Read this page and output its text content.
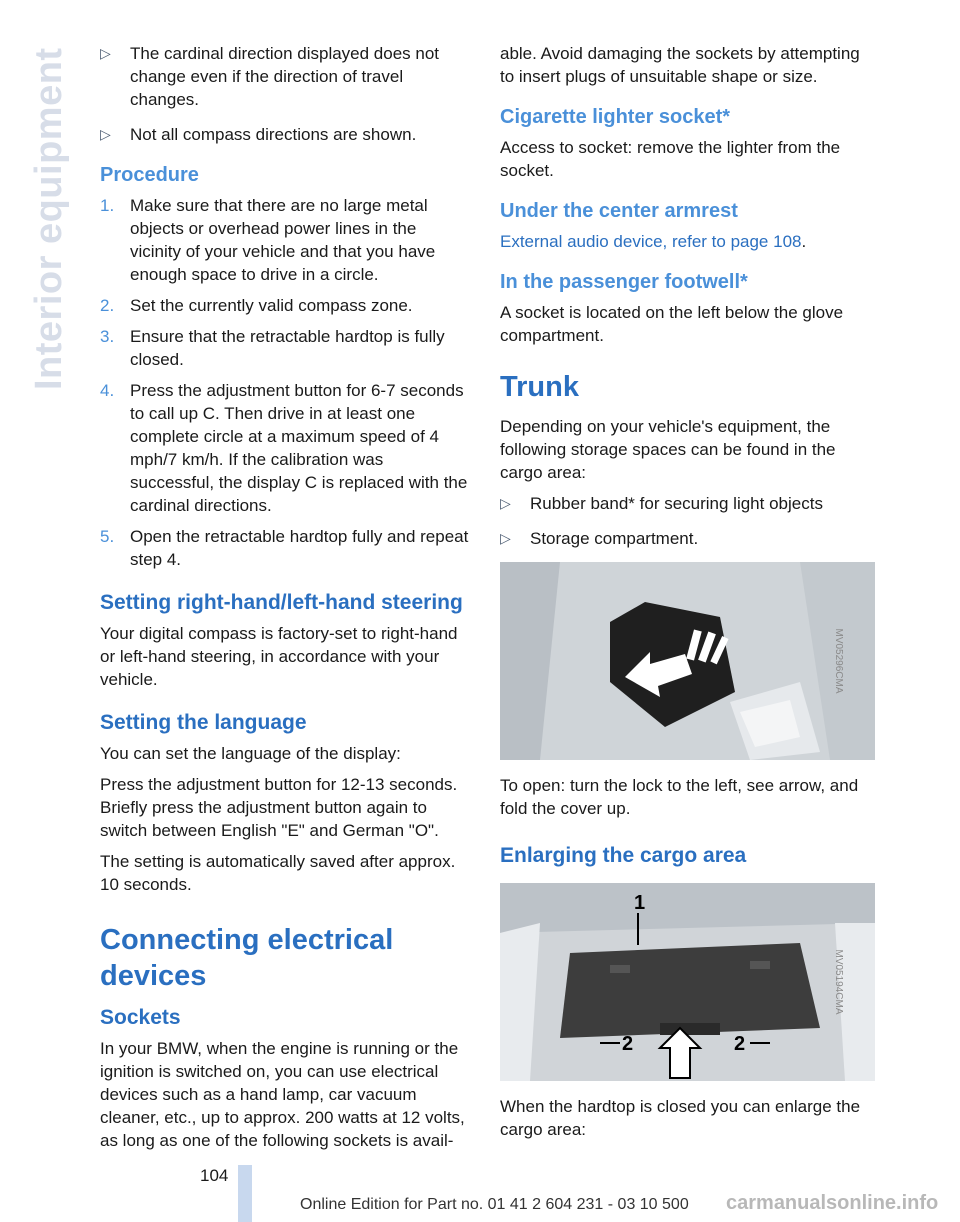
Interior equipment ▷	The cardinal direction displayed does not change even if the direction of travel changes.
▷	Not all compass directions are shown.
Procedure
1. Make sure that there are no large metal objects or overhead power lines in the vicinity of your vehicle and that you have enough space to drive in a circle.
2. Set the currently valid compass zone.
3. Ensure that the retractable hardtop is fully closed.
4. Press the adjustment button for 6-7 seconds to call up C. Then drive in at least one complete circle at a maximum speed of 4 mph/7 km/h. If the calibration was successful, the display C is replaced with the cardinal directions.
5. Open the retractable hardtop fully and repeat step 4.
Setting right-hand/left-hand steering

Your digital compass is factory-set to right-hand or left-hand steering, in accordance with your vehicle.

Setting the language

You can set the language of the display:

Press the adjustment button for 12-13 seconds. Briefly press the adjustment button again to switch between English "E" and German "O".

The setting is automatically saved after approx. 10 seconds.

Connecting electrical devices
Sockets

In your BMW, when the engine is running or the ignition is switched on, you can use electrical devices such as a hand lamp, car vacuum cleaner, etc., up to approx. 200 watts at 12 volts, as long as one of the following sockets is avail-

able. Avoid damaging the sockets by attempting to insert plugs of unsuitable shape or size.

Cigarette lighter socket*

Access to socket: remove the lighter from the socket.

Under the center armrest

External audio device, refer to page 108.

In the passenger footwell*

A socket is located on the left below the glove compartment.

Trunk

Depending on your vehicle's equipment, the following storage spaces can be found in the cargo area:

▷	Rubber band* for securing light objects
▷	Storage compartment.
MV05296CMA

To open: turn the lock to the left, see arrow, and fold the cover up.

Enlarging the cargo area
1
2	2
MV05194CMA

When the hardtop is closed you can enlarge the cargo area:

104
Online Edition for Part no. 01 41 2 604 231 - 03 10 500 carmanualsonline.info
